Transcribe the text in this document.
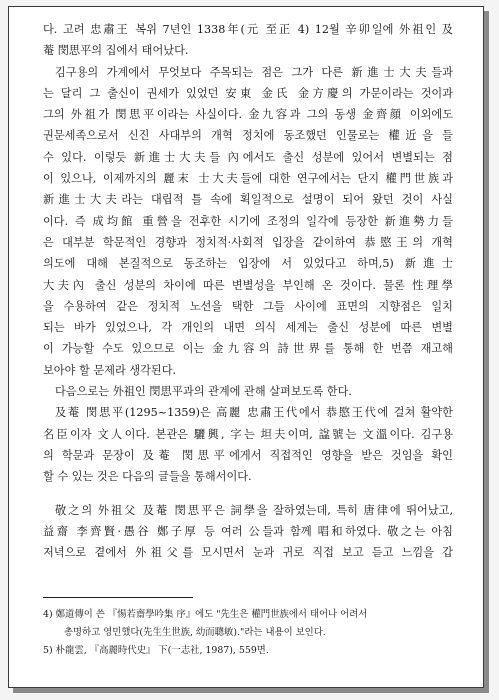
다. 고려 忠肅王 복위 7년인 1338年(元 至正 4) 12월 辛卯일에 外祖인 及
菴 閔思平의 집에서 태어났다.
김구용의 가계에서 무엇보다 주목되는 점은 그가 다른 新進士大夫들과
는 달리 그 출신이 권세가 있었던 安東 金氏 金方慶의 가문이라는 것이과
그의 外祖가 閔思平이라는 사실이다. 金九容과 그의 동생 金齊顔 이외에도
권문세족으로서 신진 사대부의 개혁 정치에 동조했던 인물로는 權近을 들
수 있다. 이렇듯 新進士大夫들 內에서도 출신 성분에 있어서 변별되는 점
이 있으나, 이제까지의 麗末 士大夫들에 대한 연구에서는 단지 權門世族과
新進士大夫라는 대립적 틀 속에 획일적으로 설명이 되어 왔던 것이 사실
이다. 즉 成均館 重營을 전후한 시기에 조정의 일각에 등장한 新進勢力들
은 대부분 학문적인 경향과 정치적·사회적 입장을 같이하여 恭愍王의 개혁
의도에 대해 본질적으로 동조하는 입장에 서 있었다고 하며,5) 新進士
大夫內 출신 성분의 차이에 따른 변별성을 부인해 온 것이다. 물론 性理學
을 수용하여 같은 정치적 노선을 택한 그들 사이에 표면의 지향점은 일치
되는 바가 있었으나, 각 개인의 내면 의식 세계는 출신 성분에 따른 변별
이 가능할 수도 있으므로 이는 金九容의 詩世界를 통해 한 번쯤 재고해
보아야 할 문제라 생각된다.
다음으로는 外祖인 閔思平과의 관계에 관해 살펴보도록 한다.
及菴 閔思平(1295~1359)은 高麗 忠肅王代에서 恭愍王代에 걸쳐 활약한
名臣이자 文人이다. 본관은 驪興, 字는 坦夫이며, 諡號는 文溫이다. 김구용
의 학문과 문장이 及菴 閔思平에게서 직접적인 영향을 받은 것임을 확인
할 수 있는 것은 다음의 글들을 통해서이다.
敬之의 外祖父 及菴 閔思平은 詞學을 잘하였는데, 특히 唐律에 뛰어났고,
益齋 李齊賢·愚谷 鄭子厚 등 여러 公들과 함께 唱和하였다. 敬之는 아침
저녁으로 곁에서 外祖父를 모시면서 눈과 귀로 직접 보고 듣고 느낌을 갑
4) 鄭道傳이 쓴 『惕若齋學吟集 序』에도 "先生은 權門世族에서 태어나 어려서
총명하고 영민했다(先生生世族, 幼而聰敏)."라는 내용이 보인다.
5) 朴龍雲, 『高麗時代史』 下(一志社, 1987), 559면.
